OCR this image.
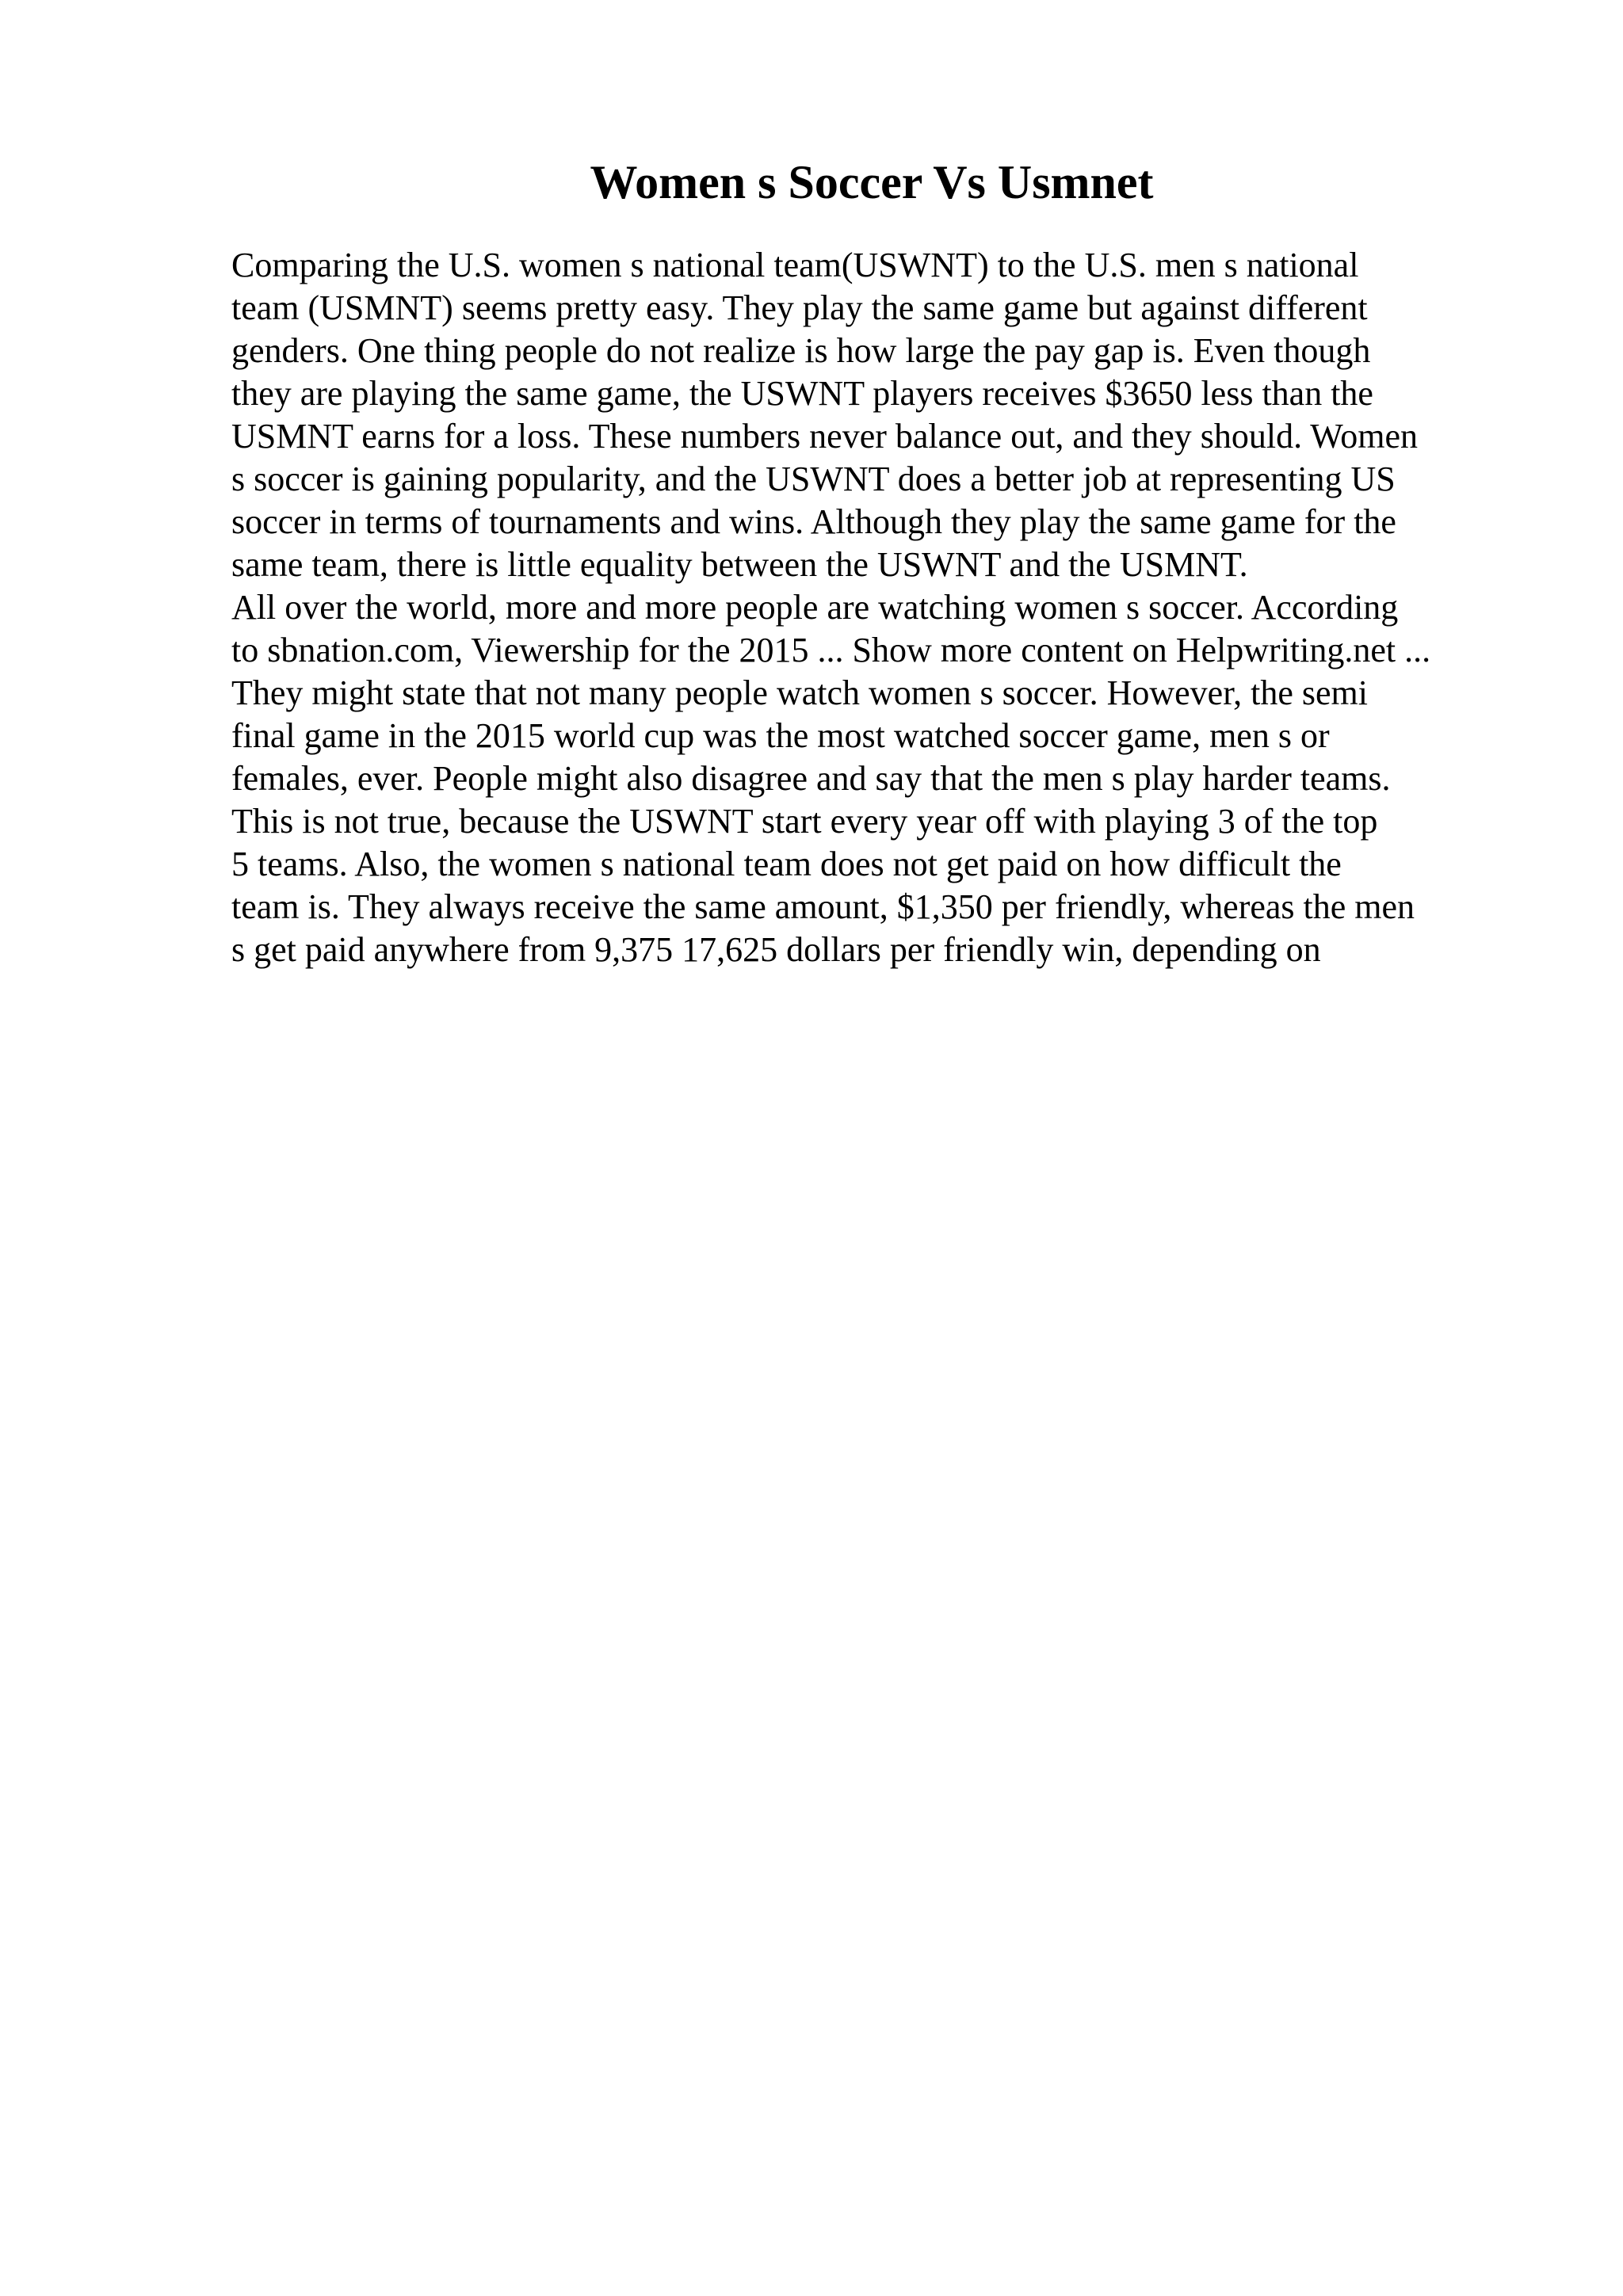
Women s Soccer Vs Usmnet
Comparing the U.S. women s national team(USWNT) to the U.S. men s national
team (USMNT) seems pretty easy. They play the same game but against different
genders. One thing people do not realize is how large the pay gap is. Even though
they are playing the same game, the USWNT players receives $3650 less than the
USMNT earns for a loss. These numbers never balance out, and they should. Women
s soccer is gaining popularity, and the USWNT does a better job at representing US
soccer in terms of tournaments and wins. Although they play the same game for the
same team, there is little equality between the USWNT and the USMNT.
All over the world, more and more people are watching women s soccer. According
to sbnation.com, Viewership for the 2015 ... Show more content on Helpwriting.net ...
They might state that not many people watch women s soccer. However, the semi
final game in the 2015 world cup was the most watched soccer game, men s or
females, ever. People might also disagree and say that the men s play harder teams.
This is not true, because the USWNT start every year off with playing 3 of the top
5 teams. Also, the women s national team does not get paid on how difficult the
team is. They always receive the same amount, $1,350 per friendly, whereas the men
s get paid anywhere from 9,375 17,625 dollars per friendly win, depending on
